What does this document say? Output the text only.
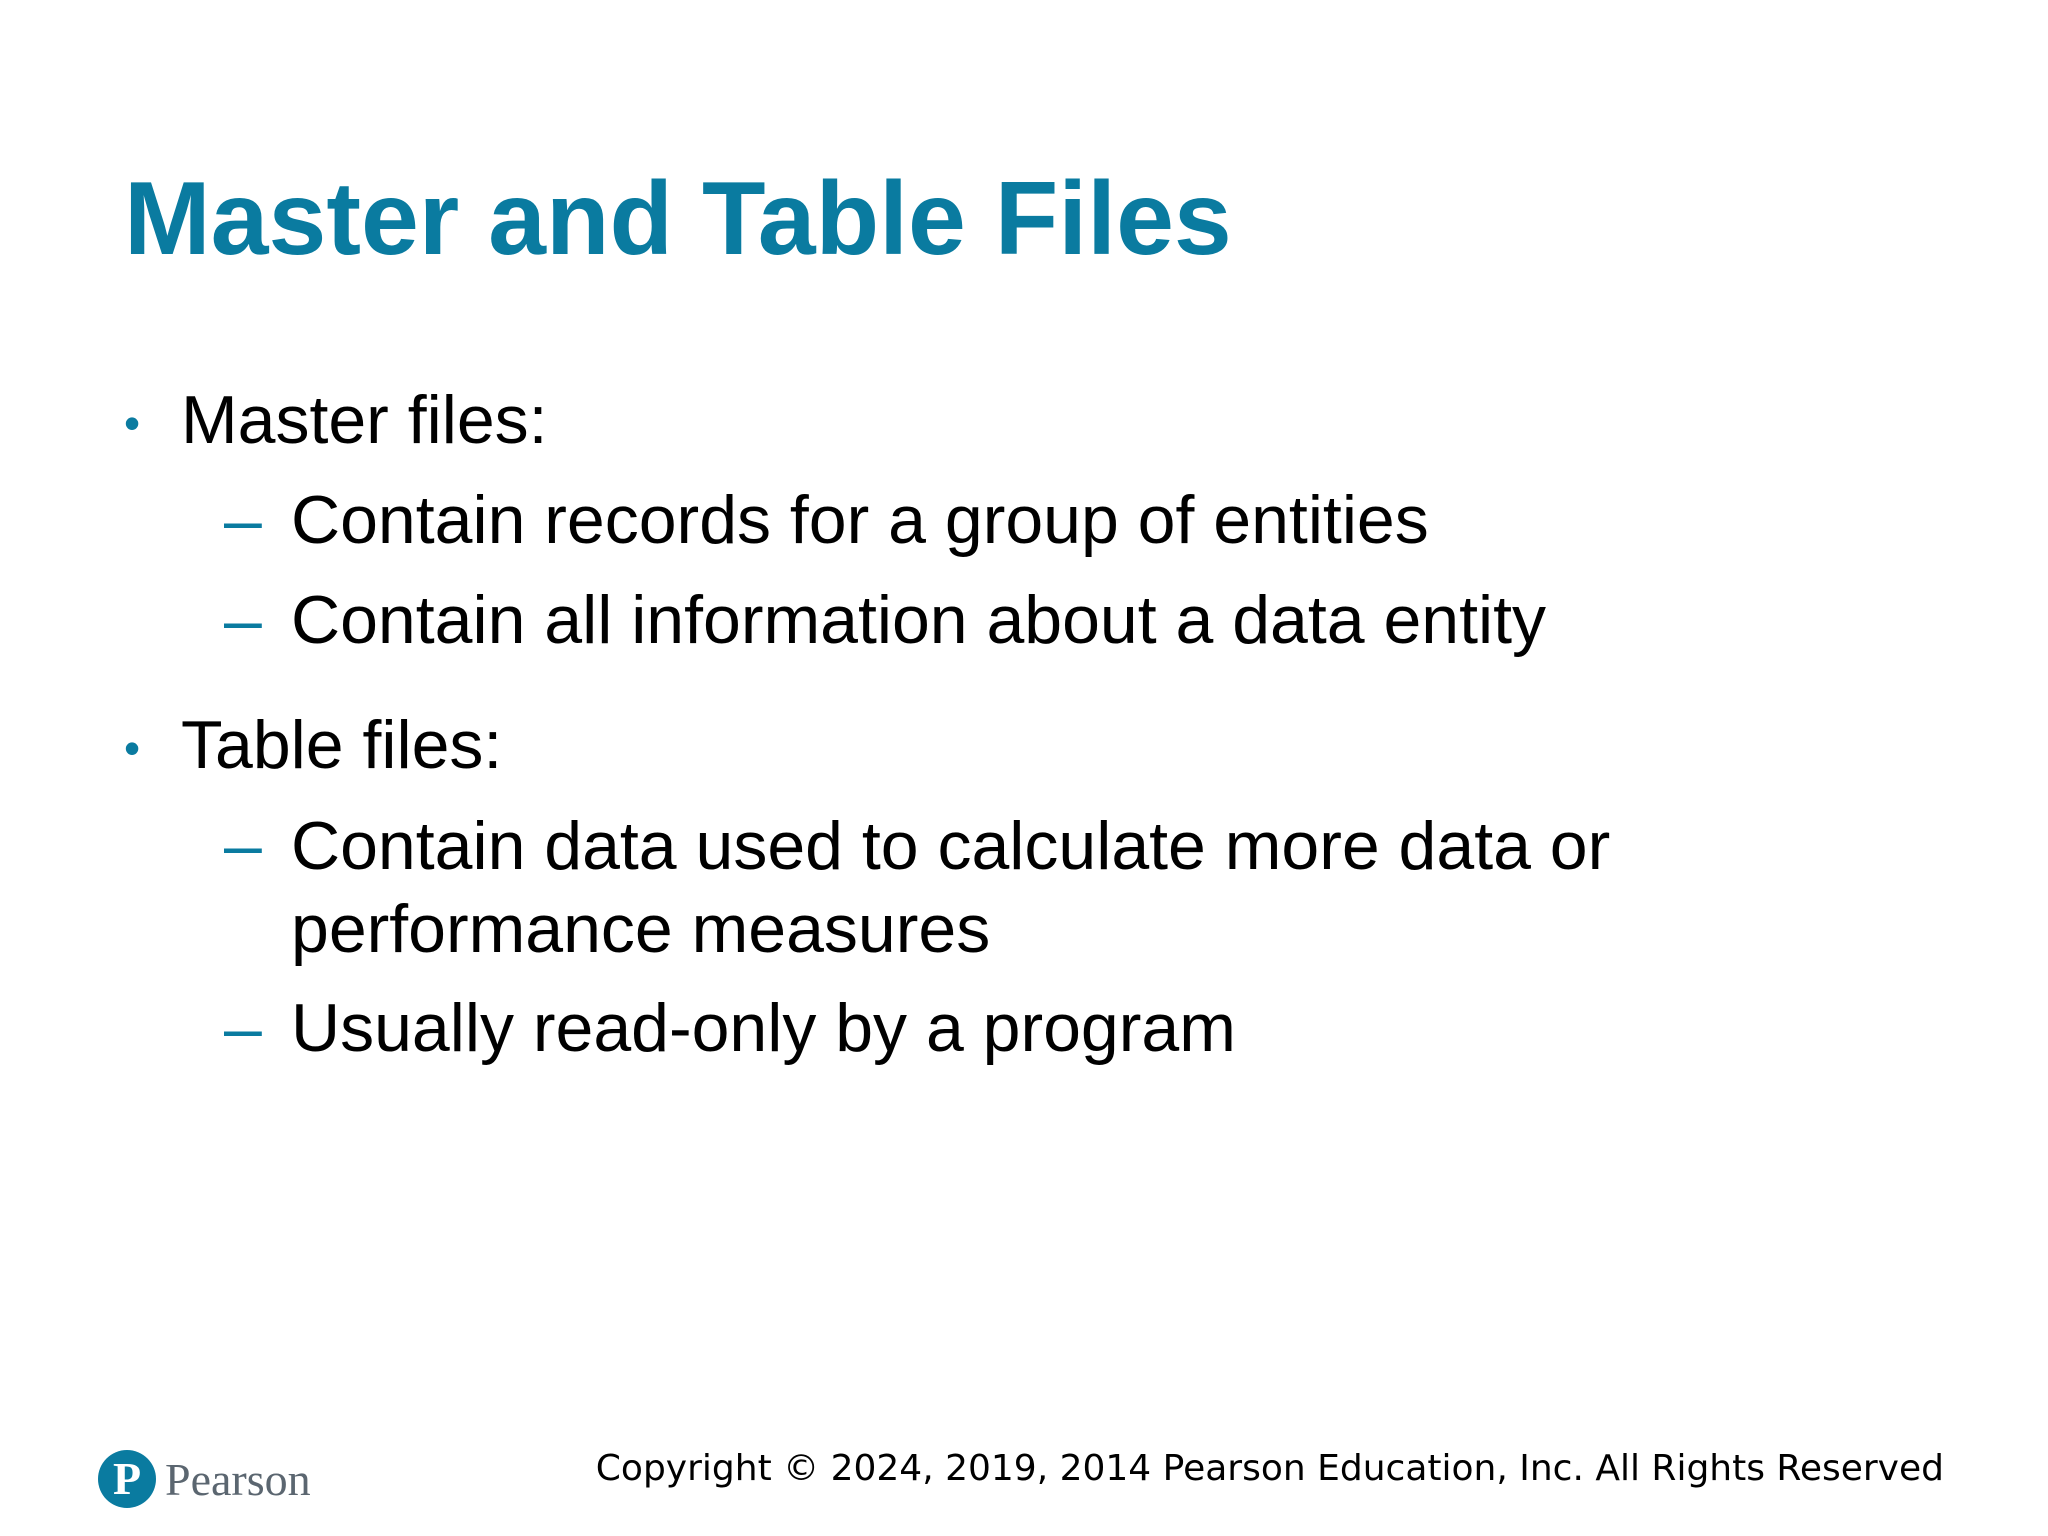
Master and Table Files
• Master files:
– Contain records for a group of entities
– Contain all information about a data entity
• Table files:
– Contain data used to calculate more data or performance measures
– Usually read-only by a program
P Pearson	Copyright © 2024, 2019, 2014 Pearson Education, Inc. All Rights Reserved
